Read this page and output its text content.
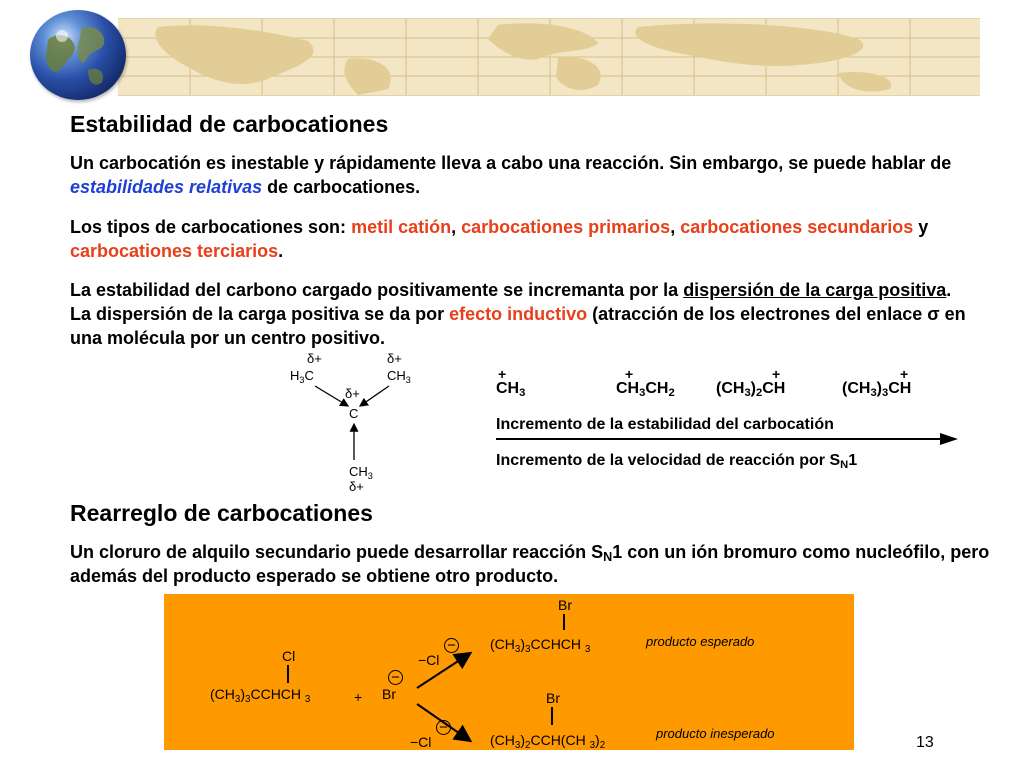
Estabilidad de carbocationes
Un carbocatión es inestable y rápidamente lleva a cabo una reacción. Sin embargo, se puede hablar de estabilidades relativas de carbocationes.
Los tipos de carbocationes son: metil catión, carbocationes primarios, carbocationes secundarios y carbocationes terciarios.
La estabilidad del carbono cargado positivamente se incremanta por la dispersión de la carga positiva. La dispersión de la carga positiva se da por efecto inductivo (atracción de los electrones del enlace σ en una molécula por un centro positivo.
δ+	δ+
$H_3C$	$CH_3$
δ+
C
$CH_3$
δ+
+	+	+	+
$CH_3$	$CH_3CH_2$	$(CH_3)_2CH$	$(CH_3)_3CH$
Incremento de la estabilidad del carbocatión
Incremento de la velocidad de reacción por $S_N1$
Rearreglo de carbocationes
Un cloruro de alquilo secundario puede desarrollar reacción $S_N1$ con un ión bromuro como nucleófilo, pero además del producto esperado se obtiene otro producto.
Cl
$(CH_3)_3CCHCH$ $_3$	+ Br
−
−Cl
−
−Cl
−
Br
$(CH_3)_3CCHCH$ $_3$
producto esperado
Br
$(CH_3)_2CCH(CH$ $_3)_2$
producto inesperado
13
